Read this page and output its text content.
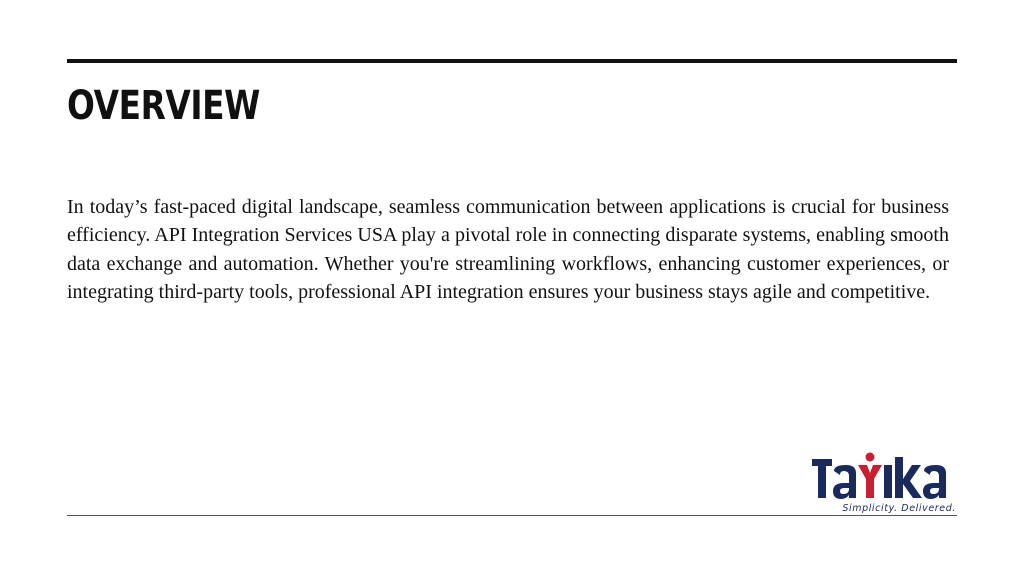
OVERVIEW

In today’s fast-paced digital landscape, seamless communication between applications is crucial for business efficiency. API Integration Services USA play a pivotal role in connecting disparate systems, enabling smooth data exchange and automation. Whether you're streamlining workflows, enhancing customer experiences, or integrating third-party tools, professional API integration ensures your business stays agile and competitive.

Simplicity. Delivered.
